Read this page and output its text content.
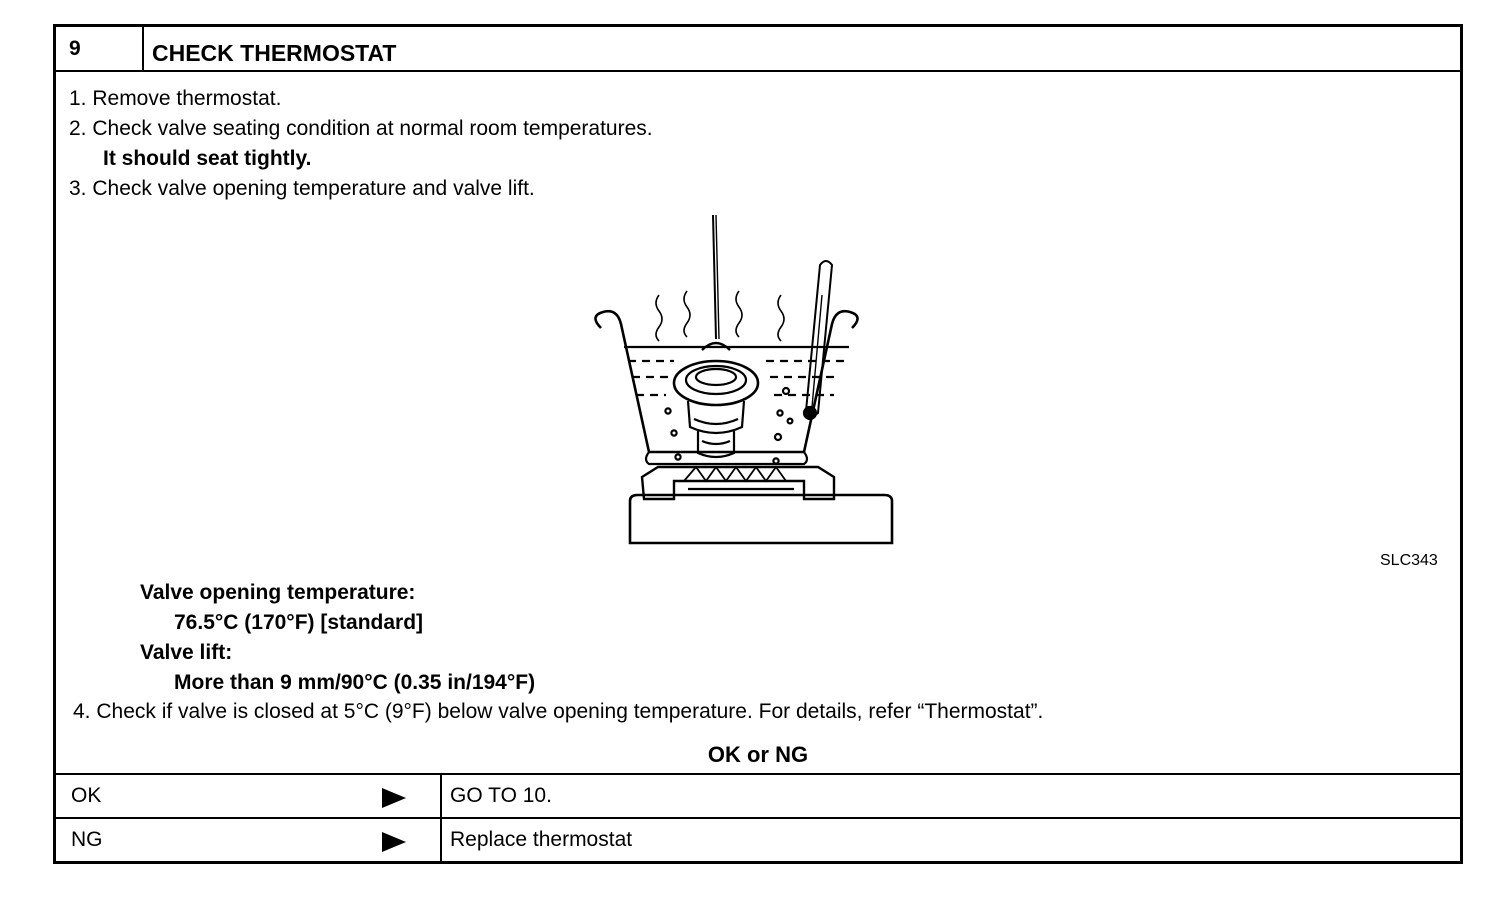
9	CHECK THERMOSTAT
1. Remove thermostat.
2. Check valve seating condition at normal room temperatures.
It should seat tightly.
3. Check valve opening temperature and valve lift.
SLC343
Valve opening temperature:
76.5°C (170°F) [standard]
Valve lift:
More than 9 mm/90°C (0.35 in/194°F)
4. Check if valve is closed at 5°C (9°F) below valve opening temperature. For details, refer “Thermostat”.
OK or NG
OK	GO TO 10.
NG	Replace thermostat
